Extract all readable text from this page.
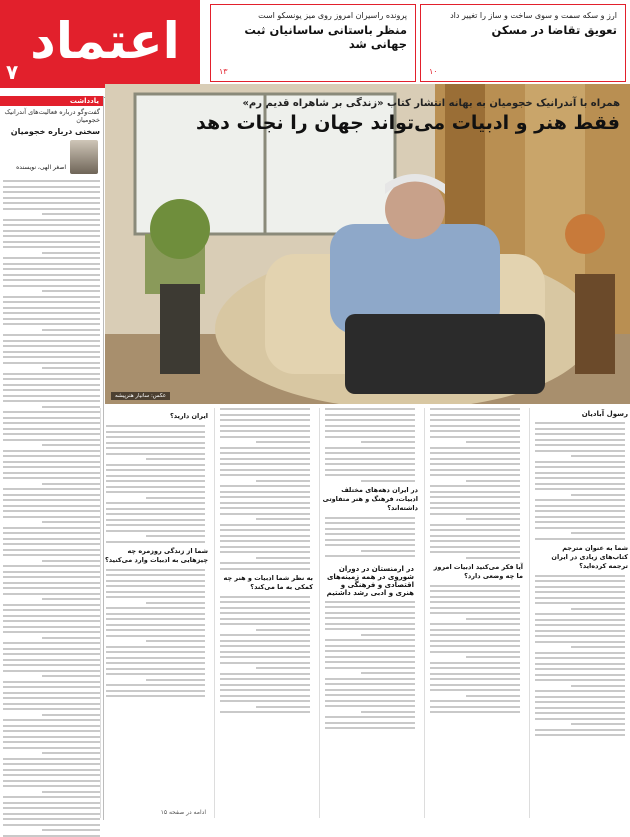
اعتماد
۷
ارز و سکه سمت و سوی ساخت و ساز را تغییر داد
تعویق تقاضا در مسکن
۱۰
پرونده راسیران امروز روی میز یونسکو است
منظر باستانی ساسانیان ثبت جهانی شد
۱۳
یادداشت
گفت‌وگو درباره فعالیت‌های آندرانیک خجومیان
سخنی درباره خجومیان
اصغر الهی، نویسنده
عکس: سانیار هنرپیشه
همراه با آندرانیک خجومیان به بهانه انتشار کتاب «زندگی بر شاهراه قدیم رم»
فقط هنر و ادبیات می‌تواند جهان را نجات دهد
رسول آبادیان
شما به عنوان مترجم کتاب‌های زیادی در ایران ترجمه کرده‌اید؟
آیا فکر می‌کنید ادبیات امروز ما چه وضعی دارد؟
در ایران دهه‌های مختلف ادبیات، فرهنگ و هنر متفاوتی داشته‌اند؟
در ارمنستان در دوران شوروی در همه زمینه‌های اقتصادی و فرهنگی و هنری و ادبی رشد داشتیم
به نظر شما ادبیات و هنر چه کمکی به ما می‌کند؟
ایران دارید؟
شما از زندگی روزمره چه چیزهایی به ادبیات وارد می‌کنید؟
ادامه در صفحه ۱۵
